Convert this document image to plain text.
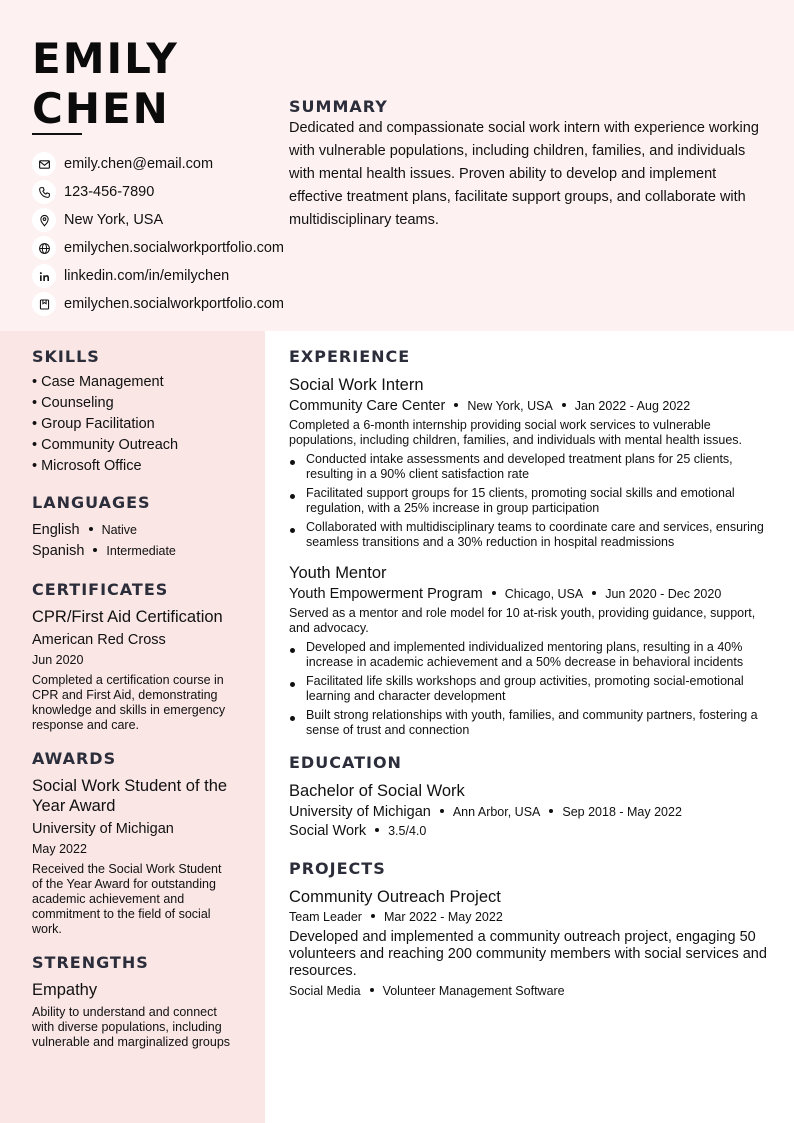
EMILY
CHEN
emily.chen@email.com
123-456-7890
New York, USA
emilychen.socialworkportfolio.com
linkedin.com/in/emilychen
emilychen.socialworkportfolio.com
SUMMARY
Dedicated and compassionate social work intern with experience working with vulnerable populations, including children, families, and individuals with mental health issues. Proven ability to develop and implement effective treatment plans, facilitate support groups, and collaborate with multidisciplinary teams.
SKILLS
• Case Management
• Counseling
• Group Facilitation
• Community Outreach
• Microsoft Office
LANGUAGES
English Native
Spanish Intermediate
CERTIFICATES
CPR/First Aid Certification
American Red Cross
Jun 2020
Completed a certification course in CPR and First Aid, demonstrating knowledge and skills in emergency response and care.
AWARDS
Social Work Student of the Year Award
University of Michigan
May 2022
Received the Social Work Student of the Year Award for outstanding academic achievement and commitment to the field of social work.
STRENGTHS
Empathy
Ability to understand and connect with diverse populations, including vulnerable and marginalized groups
EXPERIENCE
Social Work Intern
Community Care Center New York, USA Jan 2022 - Aug 2022
Completed a 6-month internship providing social work services to vulnerable populations, including children, families, and individuals with mental health issues.
Conducted intake assessments and developed treatment plans for 25 clients, resulting in a 90% client satisfaction rate
Facilitated support groups for 15 clients, promoting social skills and emotional regulation, with a 25% increase in group participation
Collaborated with multidisciplinary teams to coordinate care and services, ensuring seamless transitions and a 30% reduction in hospital readmissions
Youth Mentor
Youth Empowerment Program Chicago, USA Jun 2020 - Dec 2020
Served as a mentor and role model for 10 at-risk youth, providing guidance, support, and advocacy.
Developed and implemented individualized mentoring plans, resulting in a 40% increase in academic achievement and a 50% decrease in behavioral incidents
Facilitated life skills workshops and group activities, promoting social-emotional learning and character development
Built strong relationships with youth, families, and community partners, fostering a sense of trust and connection
EDUCATION
Bachelor of Social Work
University of Michigan Ann Arbor, USA Sep 2018 - May 2022
Social Work 3.5/4.0
PROJECTS
Community Outreach Project
Team Leader Mar 2022 - May 2022
Developed and implemented a community outreach project, engaging 50 volunteers and reaching 200 community members with social services and resources.
Social Media Volunteer Management Software
